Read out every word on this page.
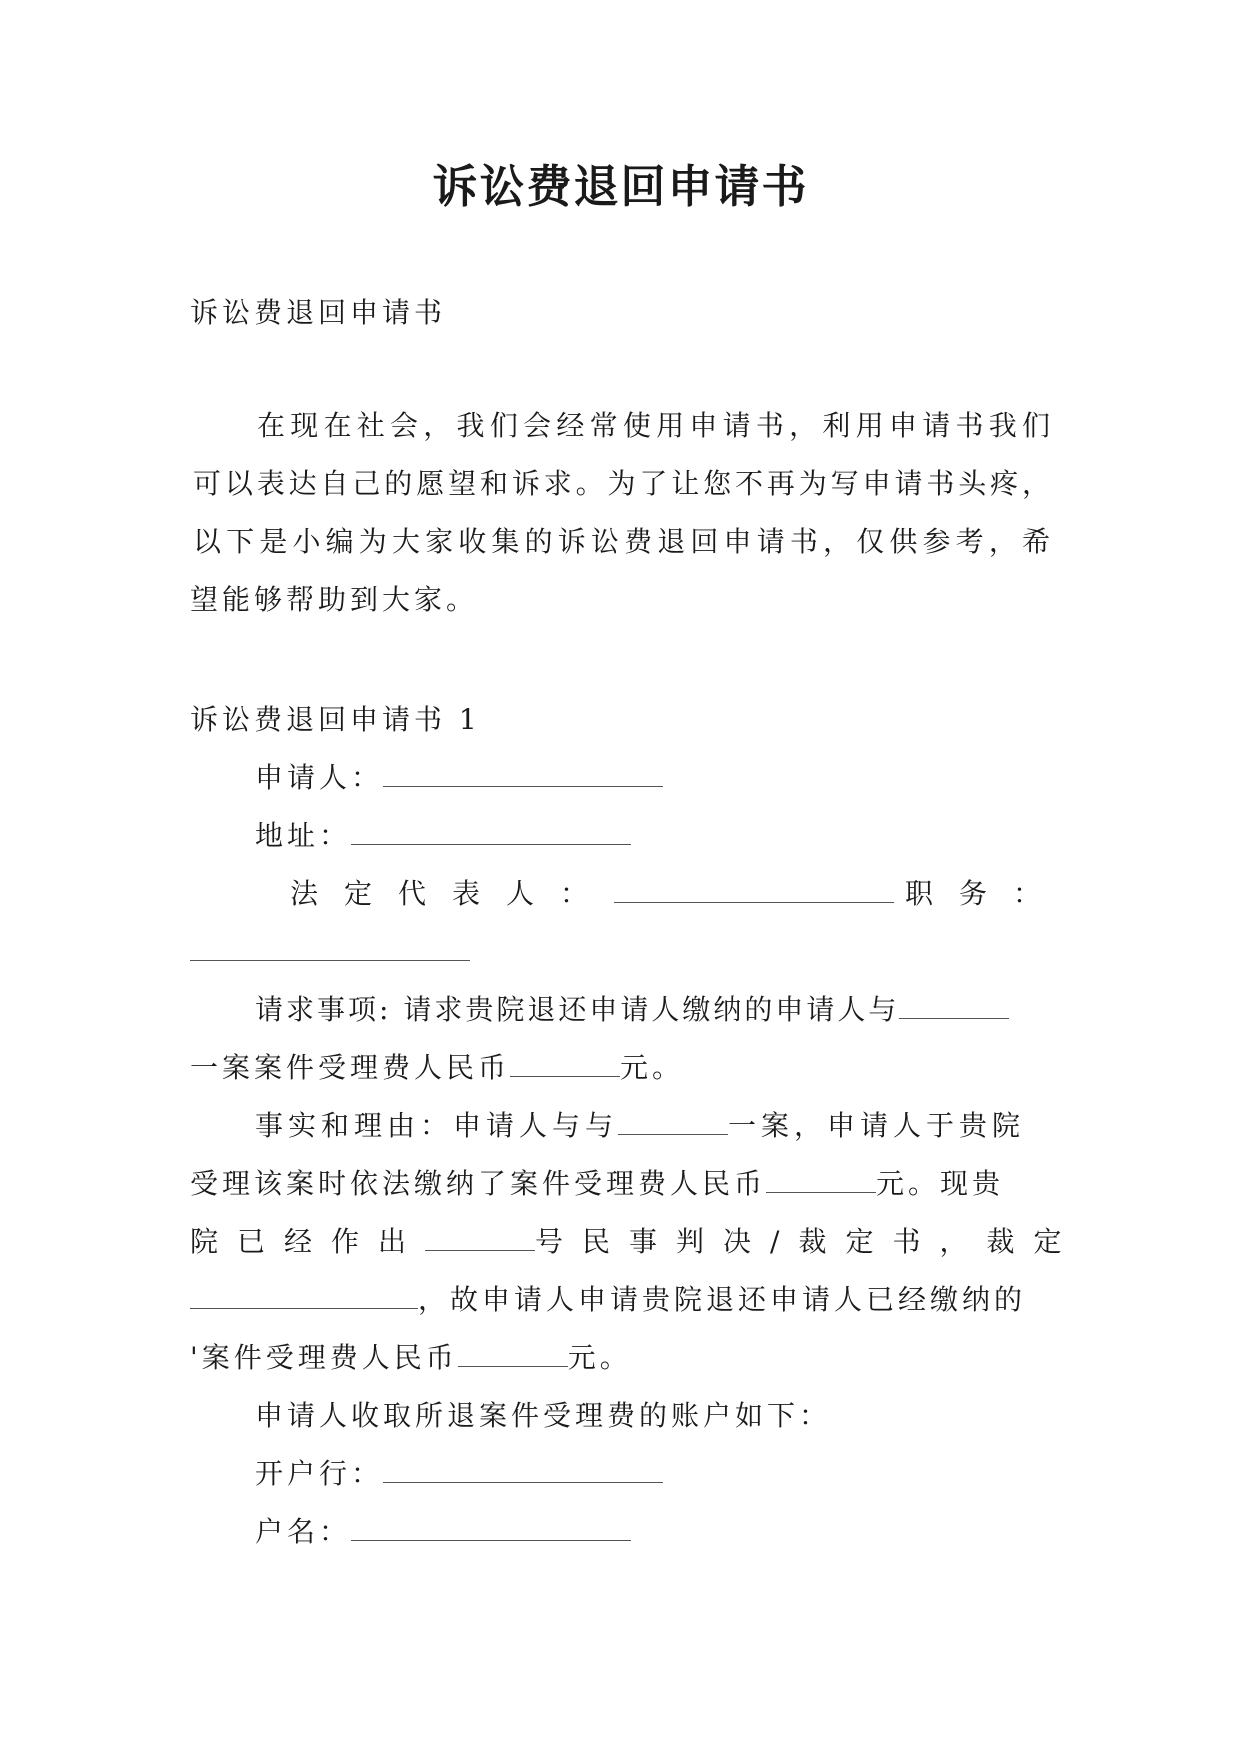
诉讼费退回申请书
诉讼费退回申请书
在现在社会，我们会经常使用申请书，利用申请书我们
可以表达自己的愿望和诉求。为了让您不再为写申请书头疼，
以下是小编为大家收集的诉讼费退回申请书，仅供参考，希
望能够帮助到大家。
诉讼费退回申请书 1
申请人：
地址：
法定代表人：	职务：
请求事项: 请求贵院退还申请人缴纳的申请人与
一案案件受理费人民币	元。
事实和理由：申请人与与	一案，申请人于贵院
受理该案时依法缴纳了案件受理费人民币	元。现贵
院已经作出	号民事判决/裁定书，裁定
，故申请人申请贵院退还申请人已经缴纳的
'案件受理费人民币	元。
申请人收取所退案件受理费的账户如下：
开户行：
户名：
